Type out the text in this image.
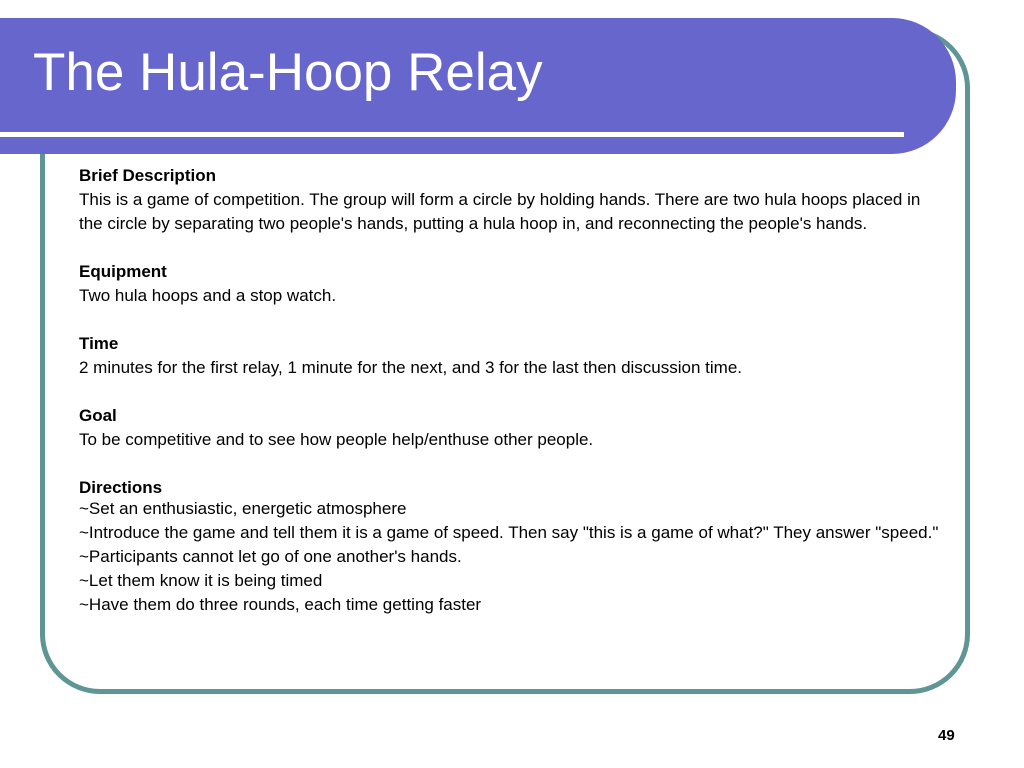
The Hula-Hoop Relay
Brief Description

This is a game of competition. The group will form a circle by holding hands. There are two hula hoops placed in the circle by separating two people's hands, putting a hula hoop in, and reconnecting the people's hands.

Equipment

Two hula hoops and a stop watch.

Time

2 minutes for the first relay, 1 minute for the next, and 3 for the last then discussion time.

Goal

To be competitive and to see how people help/enthuse other people.

Directions

~Set an enthusiastic, energetic atmosphere

~Introduce the game and tell them it is a game of speed. Then say "this is a game of what?" They answer "speed."

~Participants cannot let go of one another's hands.

~Let them know it is being timed

~Have them do three rounds, each time getting faster

49
